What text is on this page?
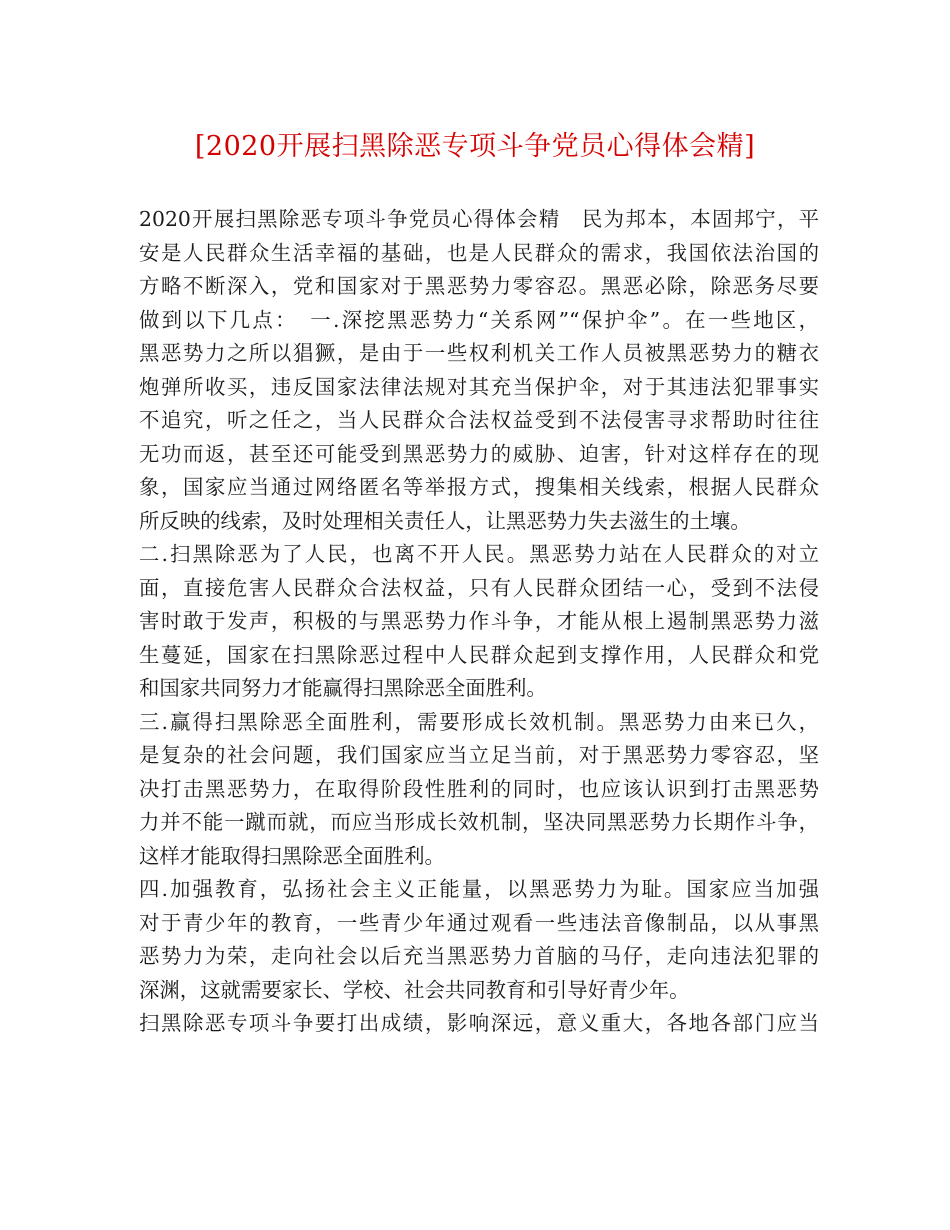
[2020开展扫黑除恶专项斗争党员心得体会精]
2020开展扫黑除恶专项斗争党员心得体会精　民为邦本，本固邦宁，平
安是人民群众生活幸福的基础，也是人民群众的需求，我国依法治国的
方略不断深入，党和国家对于黑恶势力零容忍。黑恶必除，除恶务尽要
做到以下几点：　一.深挖黑恶势力“关系网”“保护伞”。在一些地区，
黑恶势力之所以猖獗，是由于一些权利机关工作人员被黑恶势力的糖衣
炮弹所收买，违反国家法律法规对其充当保护伞，对于其违法犯罪事实
不追究，听之任之，当人民群众合法权益受到不法侵害寻求帮助时往往
无功而返，甚至还可能受到黑恶势力的威胁、迫害，针对这样存在的现
象，国家应当通过网络匿名等举报方式，搜集相关线索，根据人民群众
所反映的线索，及时处理相关责任人，让黑恶势力失去滋生的土壤。
二.扫黑除恶为了人民，也离不开人民。黑恶势力站在人民群众的对立
面，直接危害人民群众合法权益，只有人民群众团结一心，受到不法侵
害时敢于发声，积极的与黑恶势力作斗争，才能从根上遏制黑恶势力滋
生蔓延，国家在扫黑除恶过程中人民群众起到支撑作用，人民群众和党
和国家共同努力才能赢得扫黑除恶全面胜利。
三.赢得扫黑除恶全面胜利，需要形成长效机制。黑恶势力由来已久，
是复杂的社会问题，我们国家应当立足当前，对于黑恶势力零容忍，坚
决打击黑恶势力，在取得阶段性胜利的同时，也应该认识到打击黑恶势
力并不能一蹴而就，而应当形成长效机制，坚决同黑恶势力长期作斗争，
这样才能取得扫黑除恶全面胜利。
四.加强教育，弘扬社会主义正能量，以黑恶势力为耻。国家应当加强
对于青少年的教育，一些青少年通过观看一些违法音像制品，以从事黑
恶势力为荣，走向社会以后充当黑恶势力首脑的马仔，走向违法犯罪的
深渊，这就需要家长、学校、社会共同教育和引导好青少年。
扫黑除恶专项斗争要打出成绩，影响深远，意义重大，各地各部门应当
